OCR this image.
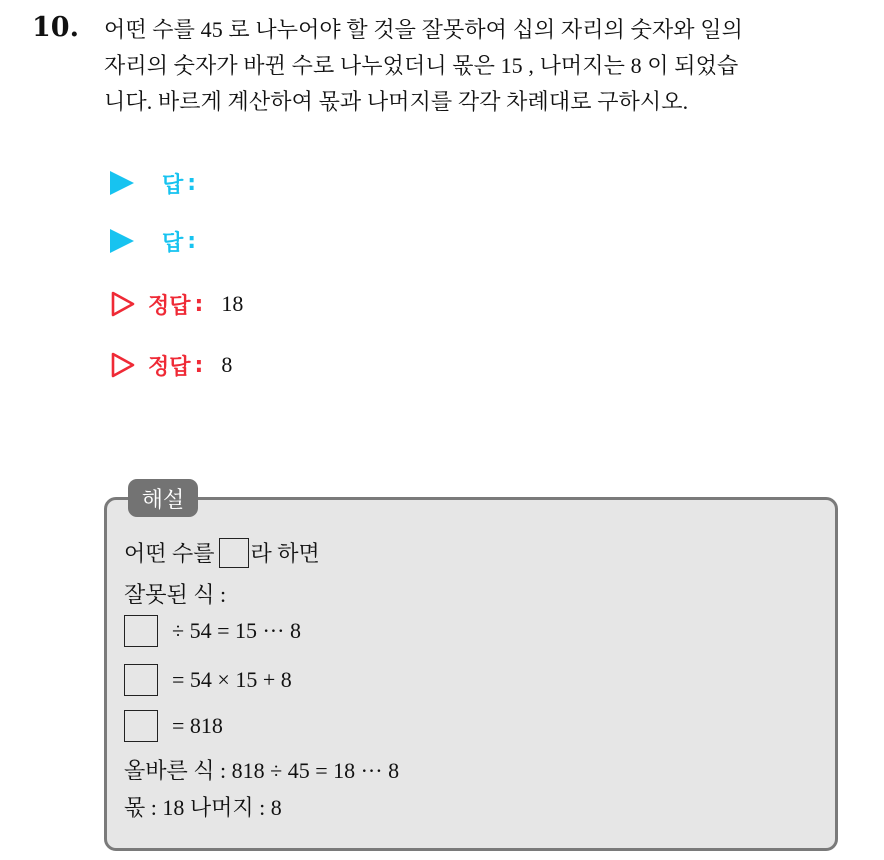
10. 어떤 수를 45 로 나누어야 할 것을 잘못하여 십의 자리의 숫자와 일의
자리의 숫자가 바뀐 수로 나누었더니 몫은 15 , 나머지는 8 이 되었습
니다. 바르게 계산하여 몫과 나머지를 각각 차례대로 구하시오.
답 :
답 :
정답 : 18
정답 : 8
해설
어떤 수를 라 하면
잘못된 식 :
÷ 54 = 15 ··· 8
= 54 × 15 + 8
= 818
올바른 식 : 818 ÷ 45 = 18 ··· 8
몫 : 18 나머지 : 8
